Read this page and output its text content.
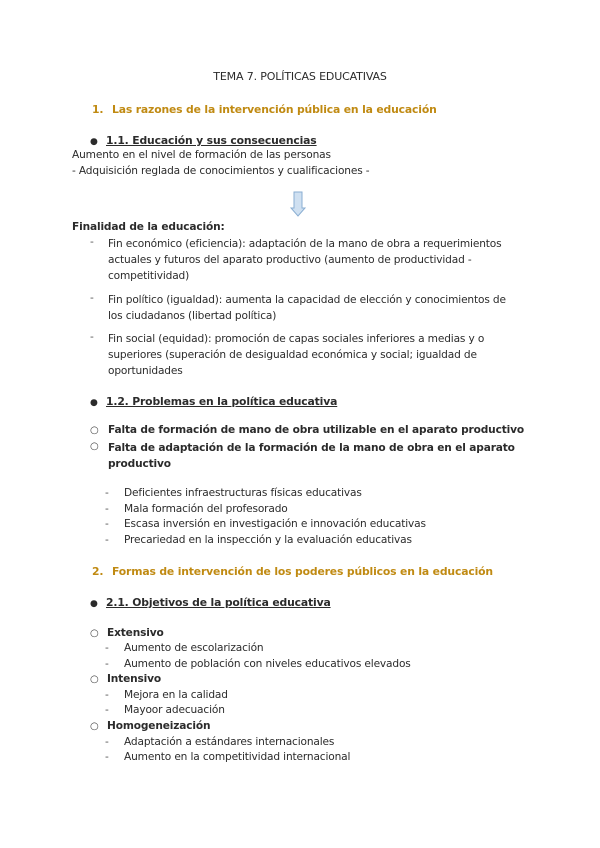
TEMA 7. POLÍTICAS EDUCATIVAS
1. Las razones de la intervención pública en la educación
● 1.1. Educación y sus consecuencias
Aumento en el nivel de formación de las personas
- Adquisición reglada de conocimientos y cualificaciones -
Finalidad de la educación:
-	Fin económico (eficiencia): adaptación de la mano de obra a requerimientos actuales y futuros del aparato productivo (aumento de productividad - competitividad)
-	Fin político (igualdad): aumenta la capacidad de elección y conocimientos de los ciudadanos (libertad política)
-	Fin social (equidad): promoción de capas sociales inferiores a medias y o superiores (superación de desigualdad económica y social; igualdad de oportunidades
● 1.2. Problemas en la política educativa
○ Falta de formación de mano de obra utilizable en el aparato productivo
○ Falta de adaptación de la formación de la mano de obra en el aparato productivo
- Deficientes infraestructuras físicas educativas
- Mala formación del profesorado
- Escasa inversión en investigación e innovación educativas
- Precariedad en la inspección y la evaluación educativas
2. Formas de intervención de los poderes públicos en la educación
● 2.1. Objetivos de la política educativa
○ Extensivo
- Aumento de escolarización
- Aumento de población con niveles educativos elevados
○ Intensivo
- Mejora en la calidad
- Mayoor adecuación
○ Homogeneización
- Adaptación a estándares internacionales
- Aumento en la competitividad internacional
